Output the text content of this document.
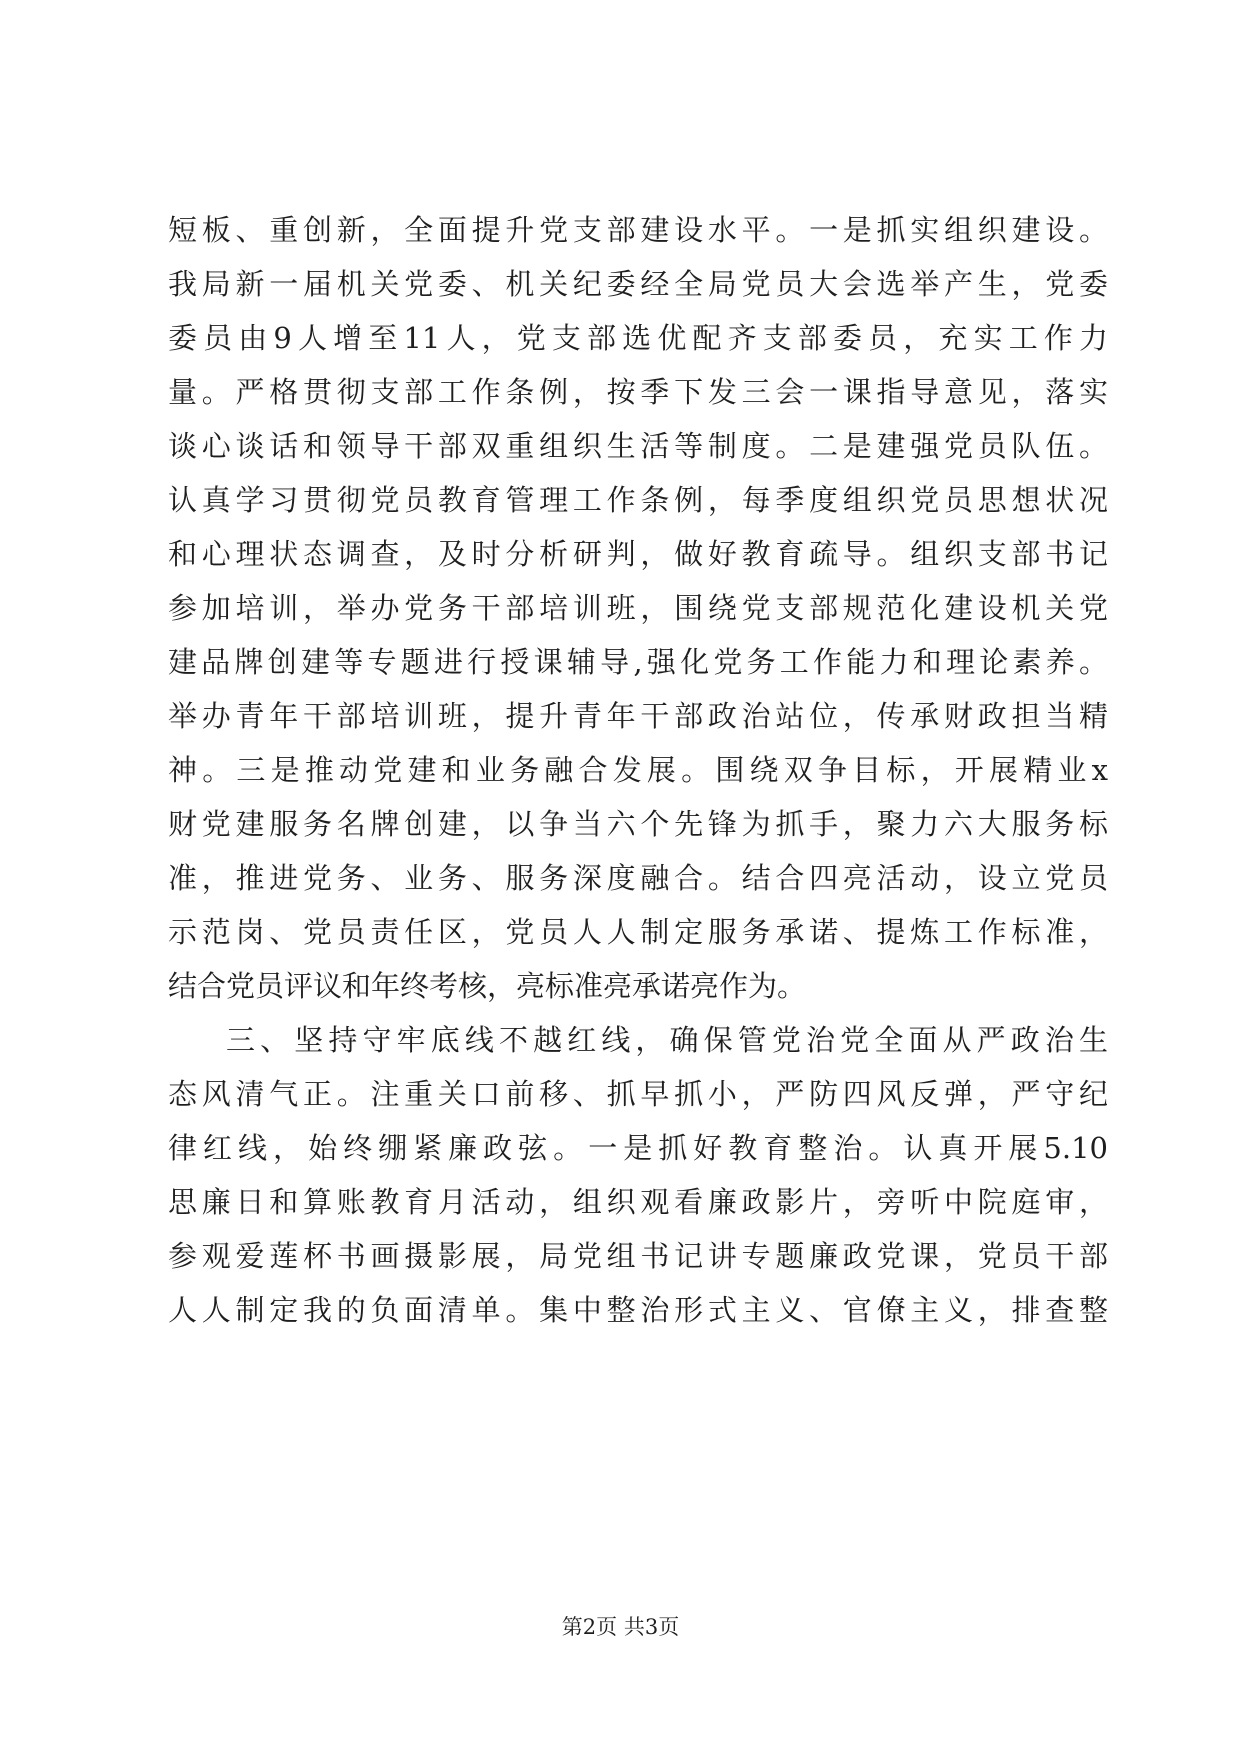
短板、重创新，全面提升党支部建设水平。一是抓实组织建设。
我局新一届机关党委、机关纪委经全局党员大会选举产生，党委
委员由9人增至11人，党支部选优配齐支部委员，充实工作力
量。严格贯彻支部工作条例，按季下发三会一课指导意见，落实
谈心谈话和领导干部双重组织生活等制度。二是建强党员队伍。
认真学习贯彻党员教育管理工作条例，每季度组织党员思想状况
和心理状态调查，及时分析研判，做好教育疏导。组织支部书记
参加培训，举办党务干部培训班，围绕党支部规范化建设机关党
建品牌创建等专题进行授课辅导,强化党务工作能力和理论素养。
举办青年干部培训班，提升青年干部政治站位，传承财政担当精
神。三是推动党建和业务融合发展。围绕双争目标，开展精业x
财党建服务名牌创建，以争当六个先锋为抓手，聚力六大服务标
准，推进党务、业务、服务深度融合。结合四亮活动，设立党员
示范岗、党员责任区，党员人人制定服务承诺、提炼工作标准，
结合党员评议和年终考核，亮标准亮承诺亮作为。
三、坚持守牢底线不越红线，确保管党治党全面从严政治生
态风清气正。注重关口前移、抓早抓小，严防四风反弹，严守纪
律红线，始终绷紧廉政弦。一是抓好教育整治。认真开展5.10
思廉日和算账教育月活动，组织观看廉政影片，旁听中院庭审，
参观爱莲杯书画摄影展，局党组书记讲专题廉政党课，党员干部
人人制定我的负面清单。集中整治形式主义、官僚主义，排查整
第2页 共3页
